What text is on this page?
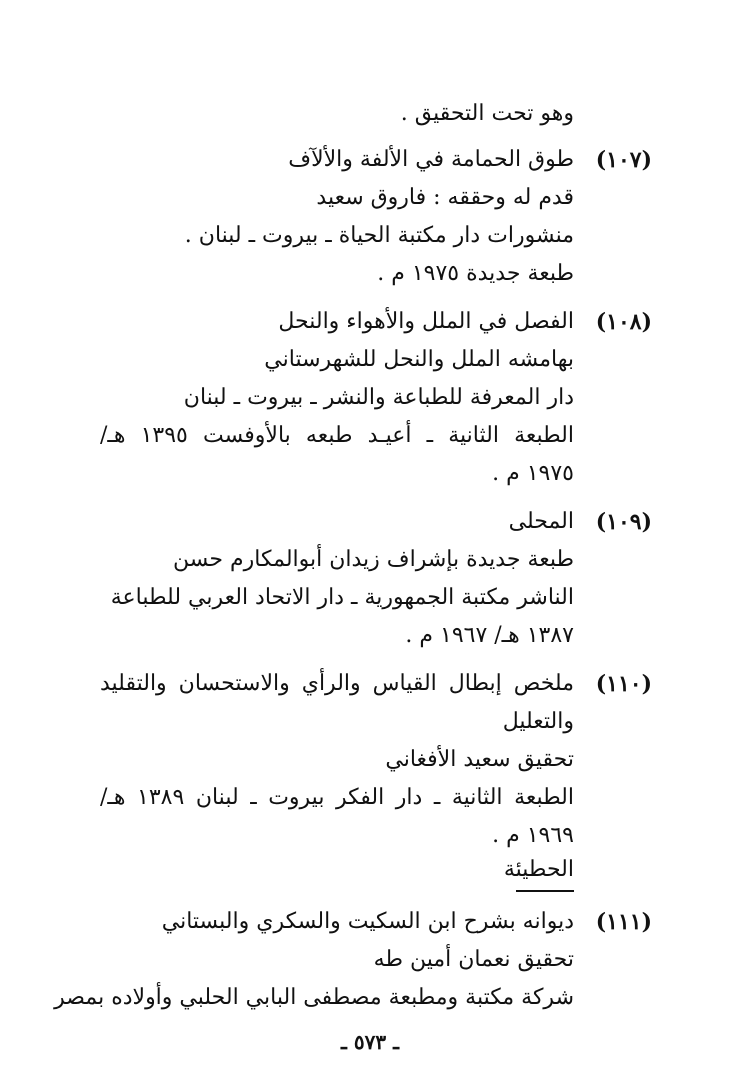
وهو تحت التحقيق .
(١٠٧)
طوق الحمامة في الألفة والألآف
قدم له وحققه : فاروق سعيد
منشورات دار مكتبة الحياة ـ بيروت ـ لبنان .
طبعة جديدة ١٩٧٥ م .
(١٠٨)
الفصل في الملل والأهواء والنحل
بهامشه الملل والنحل للشهرستاني
دار المعرفة للطباعة والنشر ـ بيروت ـ لبنان
الطبعة الثانية ـ أعيـد طبعه بالأوفست ١٣٩٥ هـ/
١٩٧٥ م .
(١٠٩)
المحلى
طبعة جديدة بإشراف زيدان أبوالمكارم حسن
الناشر مكتبة الجمهورية ـ دار الاتحاد العربي للطباعة
١٣٨٧ هـ/ ١٩٦٧ م .
(١١٠)
ملخص إبطال القياس والرأي والاستحسان والتقليد
والتعليل
تحقيق سعيد الأفغاني
الطبعة الثانية ـ دار الفكر بيروت ـ لبنان ١٣٨٩ هـ/
١٩٦٩ م .
الحطيئة
(١١١)
ديوانه بشرح ابن السكيت والسكري والبستاني
تحقيق نعمان أمين طه
شركة مكتبة ومطبعة مصطفى البابي الحلبي وأولاده بمصر
ـ ٥٧٣ ـ
